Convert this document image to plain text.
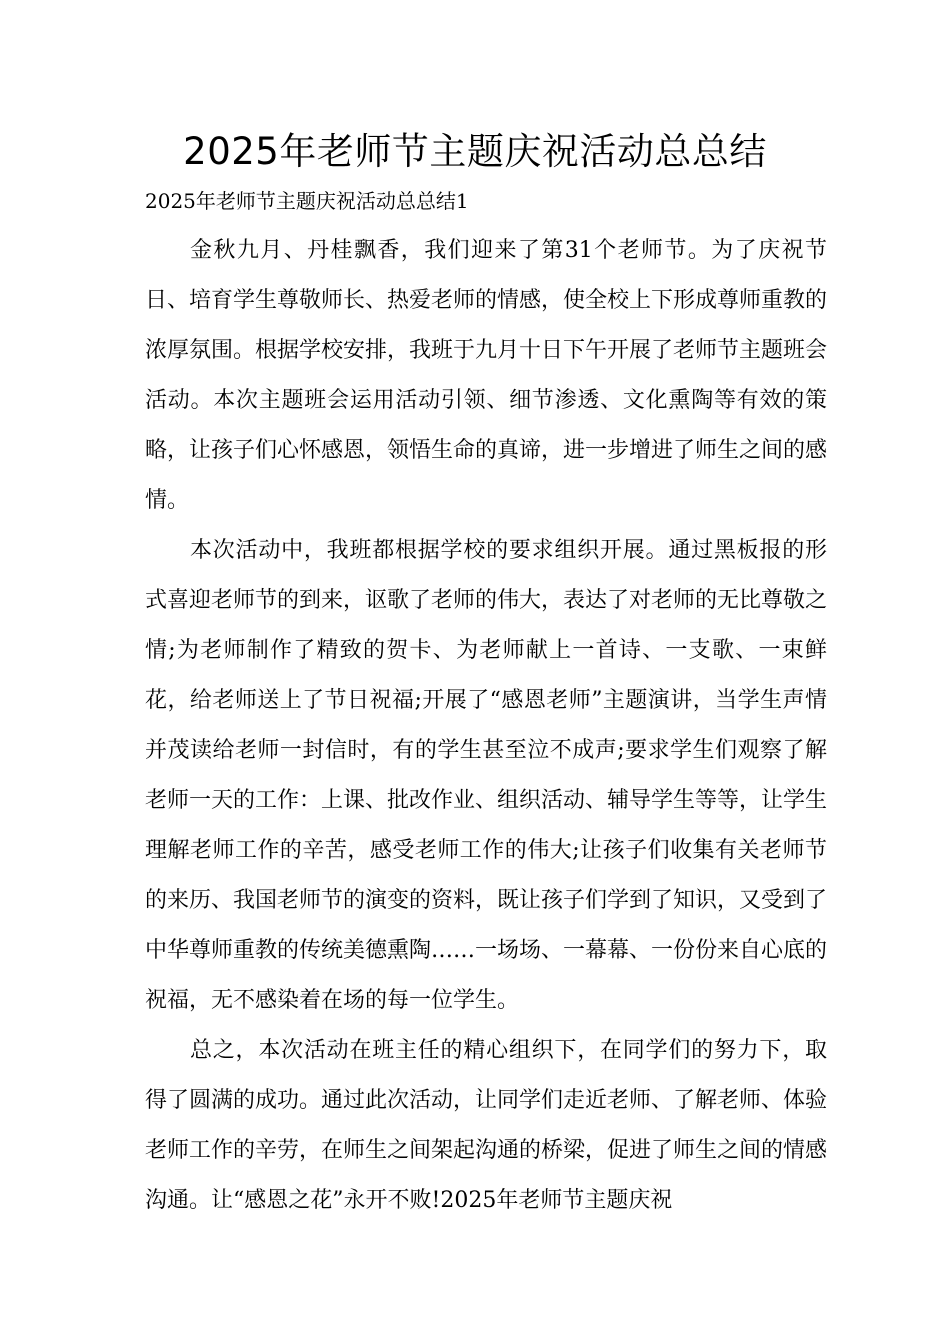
2025年老师节主题庆祝活动总总结
2025年老师节主题庆祝活动总总结1

金秋九月、丹桂飘香，我们迎来了第31个老师节。为了庆祝节日、培育学生尊敬师长、热爱老师的情感，使全校上下形成尊师重教的浓厚氛围。根据学校安排，我班于九月十日下午开展了老师节主题班会活动。本次主题班会运用活动引领、细节渗透、文化熏陶等有效的策略，让孩子们心怀感恩，领悟生命的真谛，进一步增进了师生之间的感情。

本次活动中，我班都根据学校的要求组织开展。通过黑板报的形式喜迎老师节的到来，讴歌了老师的伟大，表达了对老师的无比尊敬之情;为老师制作了精致的贺卡、为老师献上一首诗、一支歌、一束鲜花，给老师送上了节日祝福;开展了“感恩老师”主题演讲，当学生声情并茂读给老师一封信时，有的学生甚至泣不成声;要求学生们观察了解老师一天的工作：上课、批改作业、组织活动、辅导学生等等，让学生理解老师工作的辛苦，感受老师工作的伟大;让孩子们收集有关老师节的来历、我国老师节的演变的资料，既让孩子们学到了知识，又受到了中华尊师重教的传统美德熏陶……一场场、一幕幕、一份份来自心底的祝福，无不感染着在场的每一位学生。

总之，本次活动在班主任的精心组织下，在同学们的努力下，取得了圆满的成功。通过此次活动，让同学们走近老师、了解老师、体验老师工作的辛劳，在师生之间架起沟通的桥梁，促进了师生之间的情感沟通。让“感恩之花”永开不败!2025年老师节主题庆祝
